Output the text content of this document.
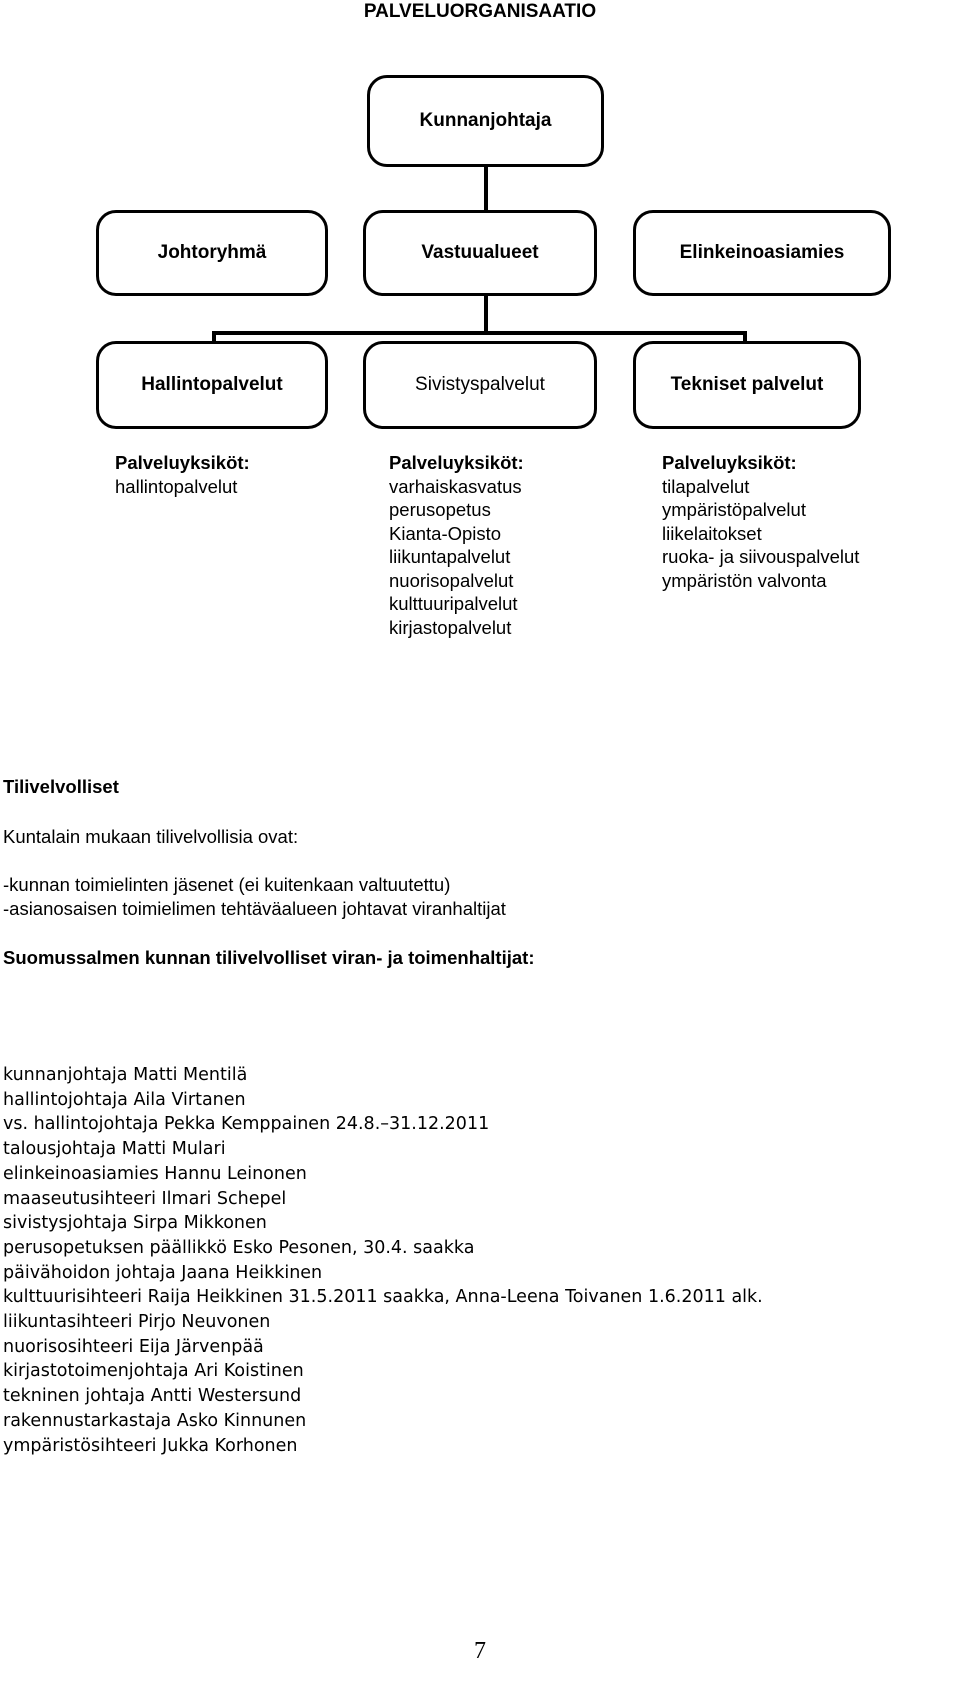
PALVELUORGANISAATIO
Kunnanjohtaja
Johtoryhmä	Vastuualueet	Elinkeinoasiamies
Hallintopalvelut	Sivistyspalvelut	Tekniset palvelut
Palveluyksiköt:
hallintopalvelut
Palveluyksiköt:
varhaiskasvatus
perusopetus
Kianta-Opisto
liikuntapalvelut
nuorisopalvelut
kulttuuripalvelut
kirjastopalvelut
Palveluyksiköt:
tilapalvelut
ympäristöpalvelut
liikelaitokset
ruoka- ja siivouspalvelut
ympäristön valvonta
Tilivelvolliset
Kuntalain mukaan tilivelvollisia ovat:
-kunnan toimielinten jäsenet (ei kuitenkaan valtuutettu)
-asianosaisen toimielimen tehtäväalueen johtavat viranhaltijat
Suomussalmen kunnan tilivelvolliset viran- ja toimenhaltijat:
kunnanjohtaja Matti Mentilä
hallintojohtaja Aila Virtanen
vs. hallintojohtaja Pekka Kemppainen 24.8.–31.12.2011
talousjohtaja Matti Mulari
elinkeinoasiamies Hannu Leinonen
maaseutusihteeri Ilmari Schepel
sivistysjohtaja Sirpa Mikkonen
perusopetuksen päällikkö Esko Pesonen, 30.4. saakka
päivähoidon johtaja Jaana Heikkinen
kulttuurisihteeri Raija Heikkinen 31.5.2011 saakka, Anna-Leena Toivanen 1.6.2011 alk.
liikuntasihteeri Pirjo Neuvonen
nuorisosihteeri Eija Järvenpää
kirjastotoimenjohtaja Ari Koistinen
tekninen johtaja Antti Westersund
rakennustarkastaja Asko Kinnunen
ympäristösihteeri Jukka Korhonen
7
